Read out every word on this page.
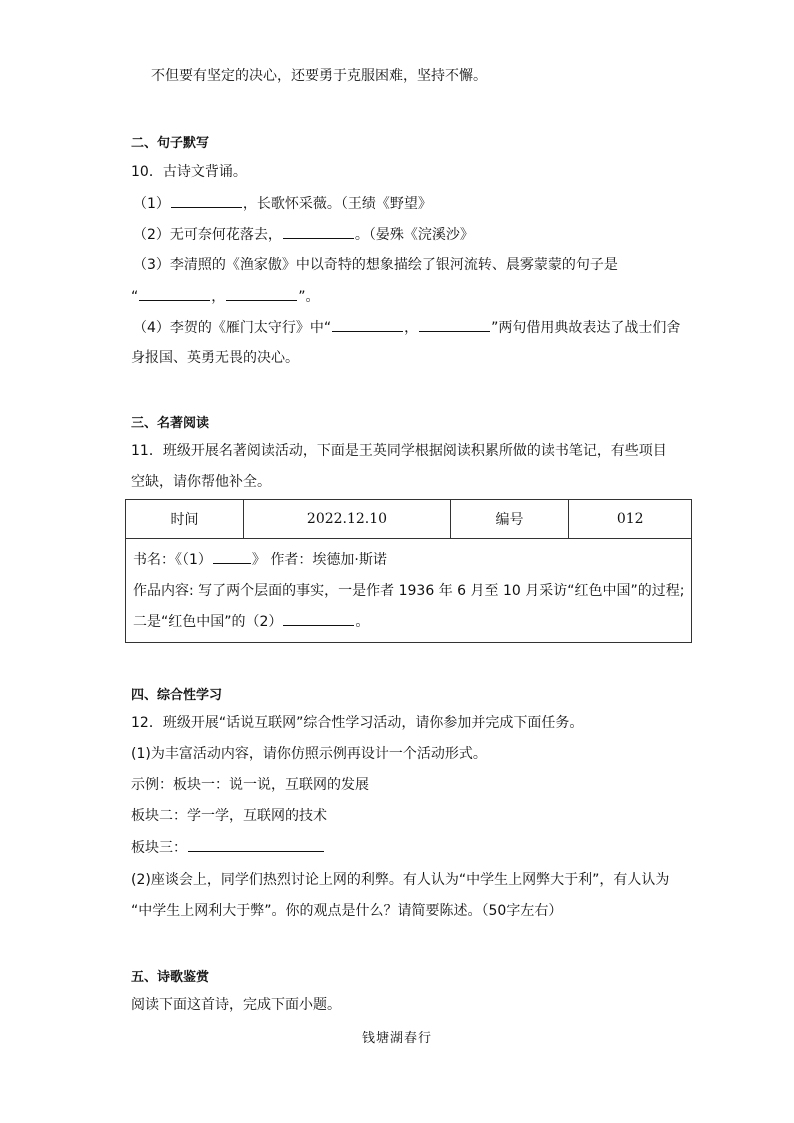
不但要有坚定的决心，还要勇于克服困难，坚持不懈。
二、句子默写
10．古诗文背诵。
（1）	，长歌怀采薇。（王绩《野望》
（2）无可奈何花落去，	。（晏殊《浣溪沙》
（3）李清照的《渔家傲》中以奇特的想象描绘了银河流转、晨雾蒙蒙的句子是
“	，	”。
（4）李贺的《雁门太守行》中“	，	”两句借用典故表达了战士们舍
身报国、英勇无畏的决心。
三、名著阅读
11．班级开展名著阅读活动，下面是王英同学根据阅读积累所做的读书笔记，有些项目
空缺，请你帮他补全。
时间	2022.12.10	编号	012

书名：《（1）	》 作者：埃德加·斯诺
作品内容: 写了两个层面的事实，一是作者 1936 年 6 月至 10 月采访“红色中国”的过程;
二是“红色中国”的（2）	。
四、综合性学习
12．班级开展“话说互联网”综合性学习活动，请你参加并完成下面任务。
(1)为丰富活动内容，请你仿照示例再设计一个活动形式。
示例：板块一：说一说，互联网的发展
板块二：学一学，互联网的技术
板块三：
(2)座谈会上，同学们热烈讨论上网的利弊。有人认为“中学生上网弊大于利”，有人认为
“中学生上网利大于弊”。你的观点是什么？请简要陈述。（50字左右）
五、诗歌鉴赏
阅读下面这首诗，完成下面小题。
钱塘湖春行
